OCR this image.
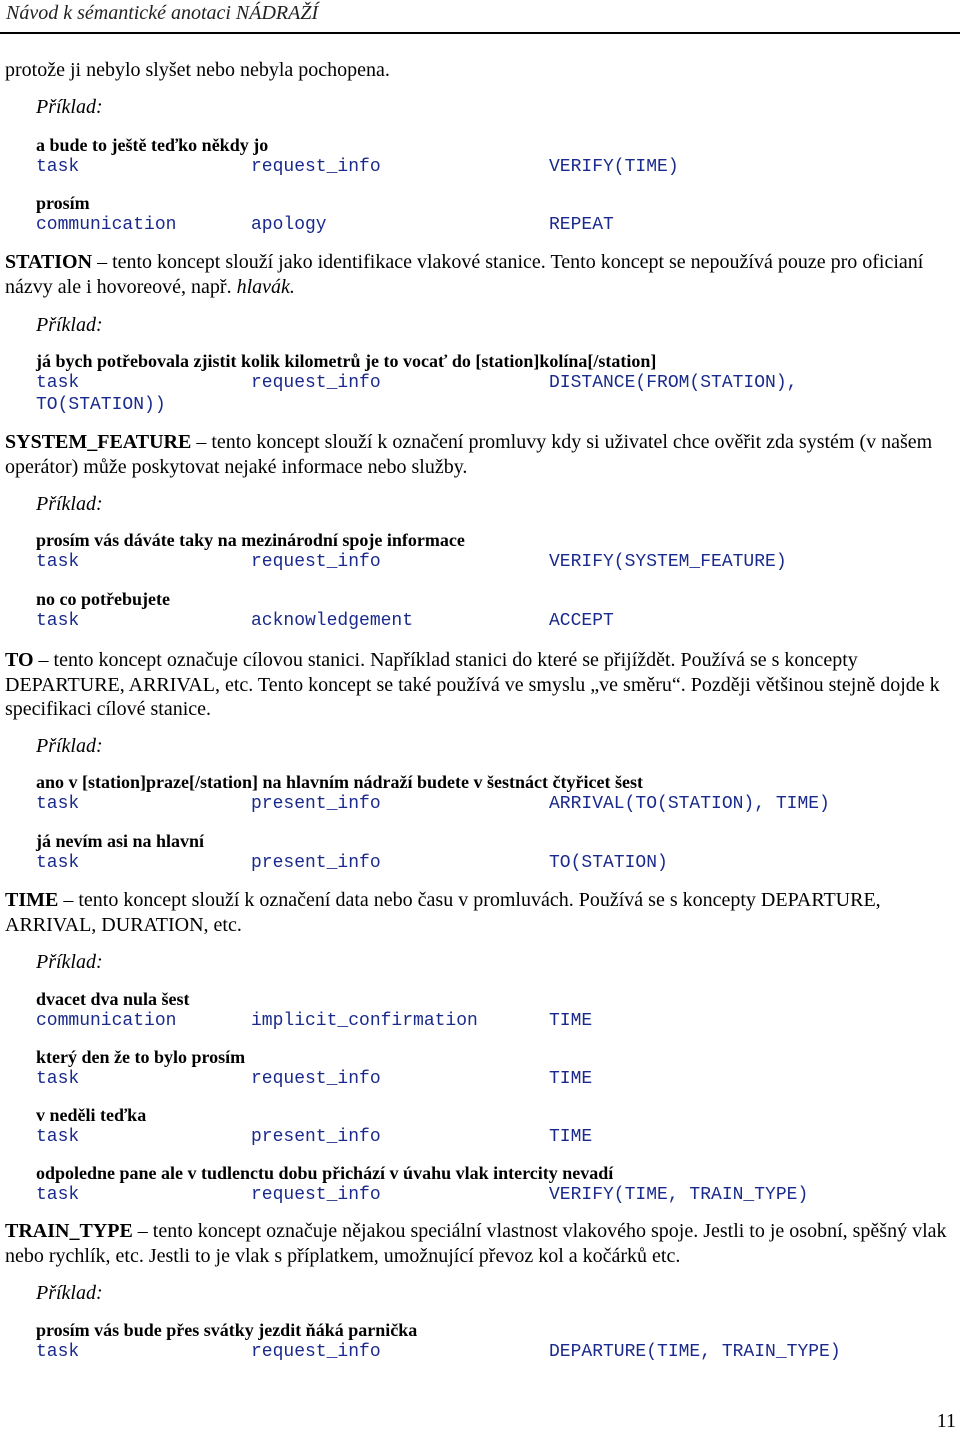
Návod k sémantické anotaci NÁDRAŽÍ
protože ji nebylo slyšet nebo nebyla pochopena.
Příklad:
a bude to ještě teďko někdy jo
task	request_info	VERIFY(TIME)
prosím
communication	apology	REPEAT
STATION – tento koncept slouží jako identifikace vlakové stanice. Tento koncept se nepoužívá pouze pro oficianí názvy ale i hovoreové, např. hlavák.
Příklad:
já bych potřebovala zjistit kolik kilometrů je to vocať do [station]kolína[/station]
task	request_info	DISTANCE(FROM(STATION),
TO(STATION))
SYSTEM_FEATURE – tento koncept slouží k označení promluvy kdy si uživatel chce ověřit zda systém (v našem operátor) může poskytovat nejaké informace nebo služby.
Příklad:
prosím vás dáváte taky na mezinárodní spoje informace
task	request_info	VERIFY(SYSTEM_FEATURE)
no co potřebujete
task	acknowledgement	ACCEPT
TO – tento koncept označuje cílovou stanici. Například stanici do které se přijíždět. Používá se s koncepty DEPARTURE, ARRIVAL, etc. Tento koncept se také používá ve smyslu „ve směru“. Později většinou stejně dojde k specifikaci cílové stanice.
Příklad:
ano v [station]praze[/station] na hlavním nádraží budete v šestnáct čtyřicet šest
task	present_info	ARRIVAL(TO(STATION), TIME)
já nevím asi na hlavní
task	present_info	TO(STATION)
TIME – tento koncept slouží k označení data nebo času v promluvách. Používá se s koncepty DEPARTURE, ARRIVAL, DURATION, etc.
Příklad:
dvacet dva nula šest
communication	implicit_confirmation	TIME
který den že to bylo prosím
task	request_info	TIME
v neděli teďka
task	present_info	TIME
odpoledne pane ale v tudlenctu dobu přichází v úvahu vlak intercity nevadí
task	request_info	VERIFY(TIME, TRAIN_TYPE)
TRAIN_TYPE – tento koncept označuje nějakou speciální vlastnost vlakového spoje. Jestli to je osobní, spěšný vlak nebo rychlík, etc. Jestli to je vlak s příplatkem, umožnující převoz kol a kočárků etc.
Příklad:
prosím vás bude přes svátky jezdit ňáká parnička
task	request_info	DEPARTURE(TIME, TRAIN_TYPE)
11
